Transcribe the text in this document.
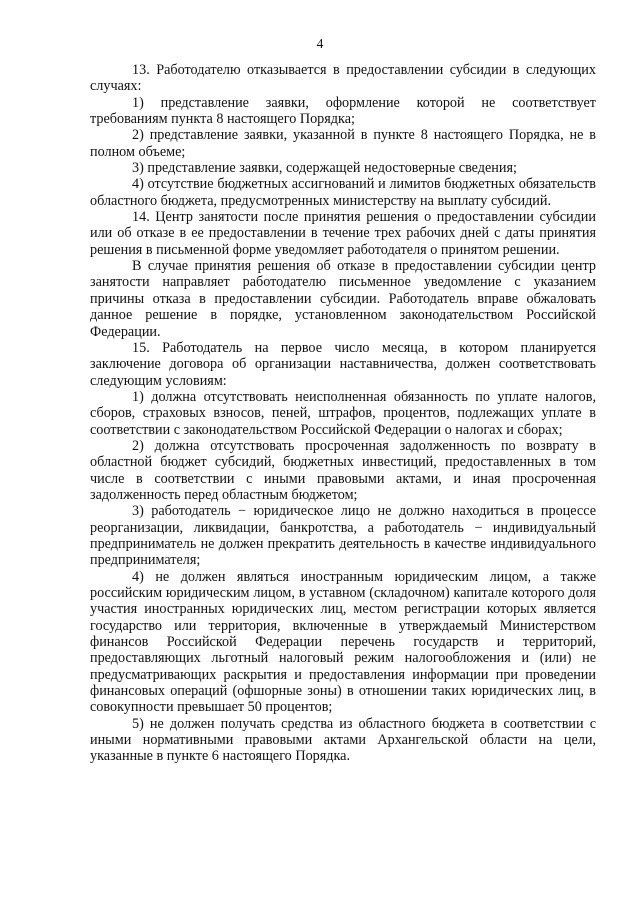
4

13. Работодателю отказывается в предоставлении субсидии в следующих случаях:

1) представление заявки, оформление которой не соответствует требованиям пункта 8 настоящего Порядка;

2) представление заявки, указанной в пункте 8 настоящего Порядка, не в полном объеме;

3) представление заявки, содержащей недостоверные сведения;

4) отсутствие бюджетных ассигнований и лимитов бюджетных обязательств областного бюджета, предусмотренных министерству на выплату субсидий.

14. Центр занятости после принятия решения о предоставлении субсидии или об отказе в ее предоставлении в течение трех рабочих дней с даты принятия решения в письменной форме уведомляет работодателя о принятом решении.

В случае принятия решения об отказе в предоставлении субсидии центр занятости направляет работодателю письменное уведомление с указанием причины отказа в предоставлении субсидии. Работодатель вправе обжаловать данное решение в порядке, установленном законодательством Российской Федерации.

15. Работодатель на первое число месяца, в котором планируется заключение договора об организации наставничества, должен соответствовать следующим условиям:

1) должна отсутствовать неисполненная обязанность по уплате налогов, сборов, страховых взносов, пеней, штрафов, процентов, подлежащих уплате в соответствии с законодательством Российской Федерации о налогах и сборах;

2) должна отсутствовать просроченная задолженность по возврату в областной бюджет субсидий, бюджетных инвестиций, предоставленных в том числе в соответствии с иными правовыми актами, и иная просроченная задолженность перед областным бюджетом;

3) работодатель − юридическое лицо не должно находиться в процессе реорганизации, ликвидации, банкротства, а работодатель − индивидуальный предприниматель не должен прекратить деятельность в качестве индивидуального предпринимателя;

4) не должен являться иностранным юридическим лицом, а также российским юридическим лицом, в уставном (складочном) капитале которого доля участия иностранных юридических лиц, местом регистрации которых является государство или территория, включенные в утверждаемый Министерством финансов Российской Федерации перечень государств и территорий, предоставляющих льготный налоговый режим налогообложения и (или) не предусматривающих раскрытия и предоставления информации при проведении финансовых операций (офшорные зоны) в отношении таких юридических лиц, в совокупности превышает 50 процентов;

5) не должен получать средства из областного бюджета в соответствии с иными нормативными правовыми актами Архангельской области на цели, указанные в пункте 6 настоящего Порядка.
